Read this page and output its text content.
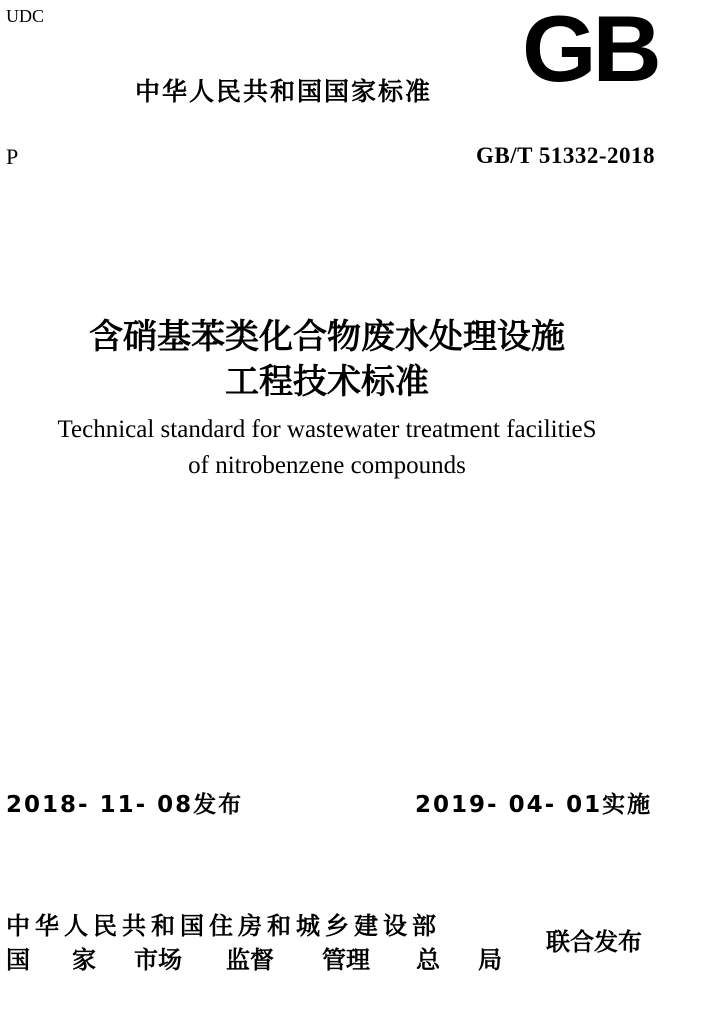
UDC	GB
中华人民共和国国家标准
P	GB/T 51332-2018
含硝基苯类化合物废水处理设施
工程技术标准
Technical standard for wastewater treatment facilitieS
of nitrobenzene compounds
2018- 11- 08发布	2019- 04- 01实施
中华人民共和国住房和城乡建设部
国 家 市场 监督 管理 总 局
联合发布
